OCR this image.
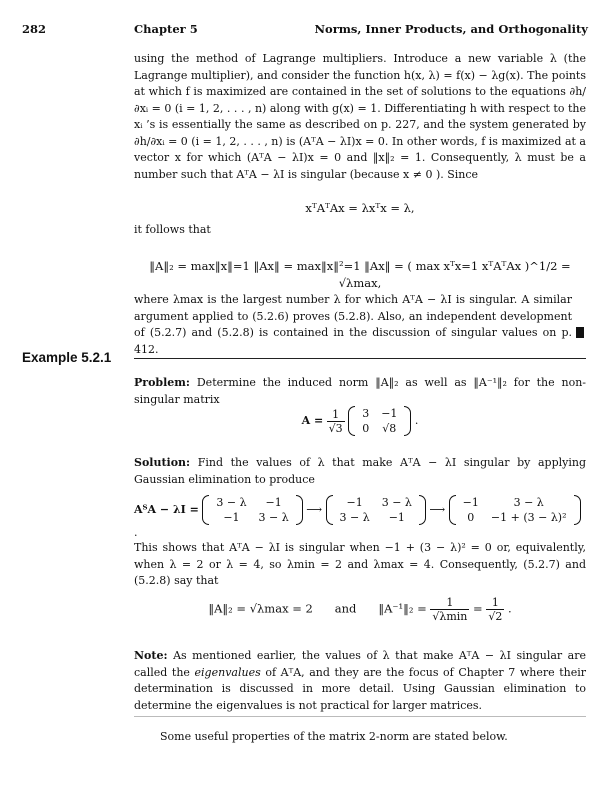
282	Chapter 5	Norms, Inner Products, and Orthogonality
using the method of Lagrange multipliers. Introduce a new variable λ (the Lagrange multiplier), and consider the function h(x, λ) = f(x) − λg(x). The points at which f is maximized are contained in the set of solutions to the equations ∂h/∂xᵢ = 0 (i = 1, 2, . . . , n) along with g(x) = 1. Differentiating h with respect to the xᵢ ’s is essentially the same as described on p. 227, and the system generated by ∂h/∂xᵢ = 0 (i = 1, 2, . . . , n) is (AᵀA − λI)x = 0. In other words, f is maximized at a vector x for which (AᵀA − λI)x = 0 and ‖x‖₂ = 1. Consequently, λ must be a number such that AᵀA − λI is singular (because x ≠ 0 ). Since
xᵀAᵀAx = λxᵀx = λ,
it follows that
‖A‖₂ = max‖x‖=1 ‖Ax‖ = max‖x‖²=1 ‖Ax‖ = ( max xᵀx=1 xᵀAᵀAx )^1/2 = √λmax,
where λmax is the largest number λ for which AᵀA − λI is singular. A similar argument applied to (5.2.6) proves (5.2.8). Also, an independent development of (5.2.7) and (5.2.8) is contained in the discussion of singular values on p. 412.
Example 5.2.1
Problem: Determine the induced norm ‖A‖₂ as well as ‖A⁻¹‖₂ for the non-singular matrix
$A = \frac{1}{√3}$
3	−1
0	√8
.
Solution: Find the values of λ that make AᵀA − λI singular by applying Gaussian elimination to produce
AᵀA − λI =
3 − λ	−1
−1	3 − λ
⟶
−1	3 − λ
3 − λ	−1
⟶
−1	3 − λ
0	−1 + (3 − λ)²
.
This shows that AᵀA − λI is singular when −1 + (3 − λ)² = 0 or, equivalently, when λ = 2 or λ = 4, so λmin = 2 and λmax = 4. Consequently, (5.2.7) and (5.2.8) say that
‖A‖₂ = √λmax = 2 and ‖A⁻¹‖₂ = $\frac{1}{√\lambda\min} = \frac{1}{√2}$ .
Note: As mentioned earlier, the values of λ that make AᵀA − λI singular are called the eigenvalues of AᵀA, and they are the focus of Chapter 7 where their determination is discussed in more detail. Using Gaussian elimination to determine the eigenvalues is not practical for larger matrices.
Some useful properties of the matrix 2-norm are stated below.
